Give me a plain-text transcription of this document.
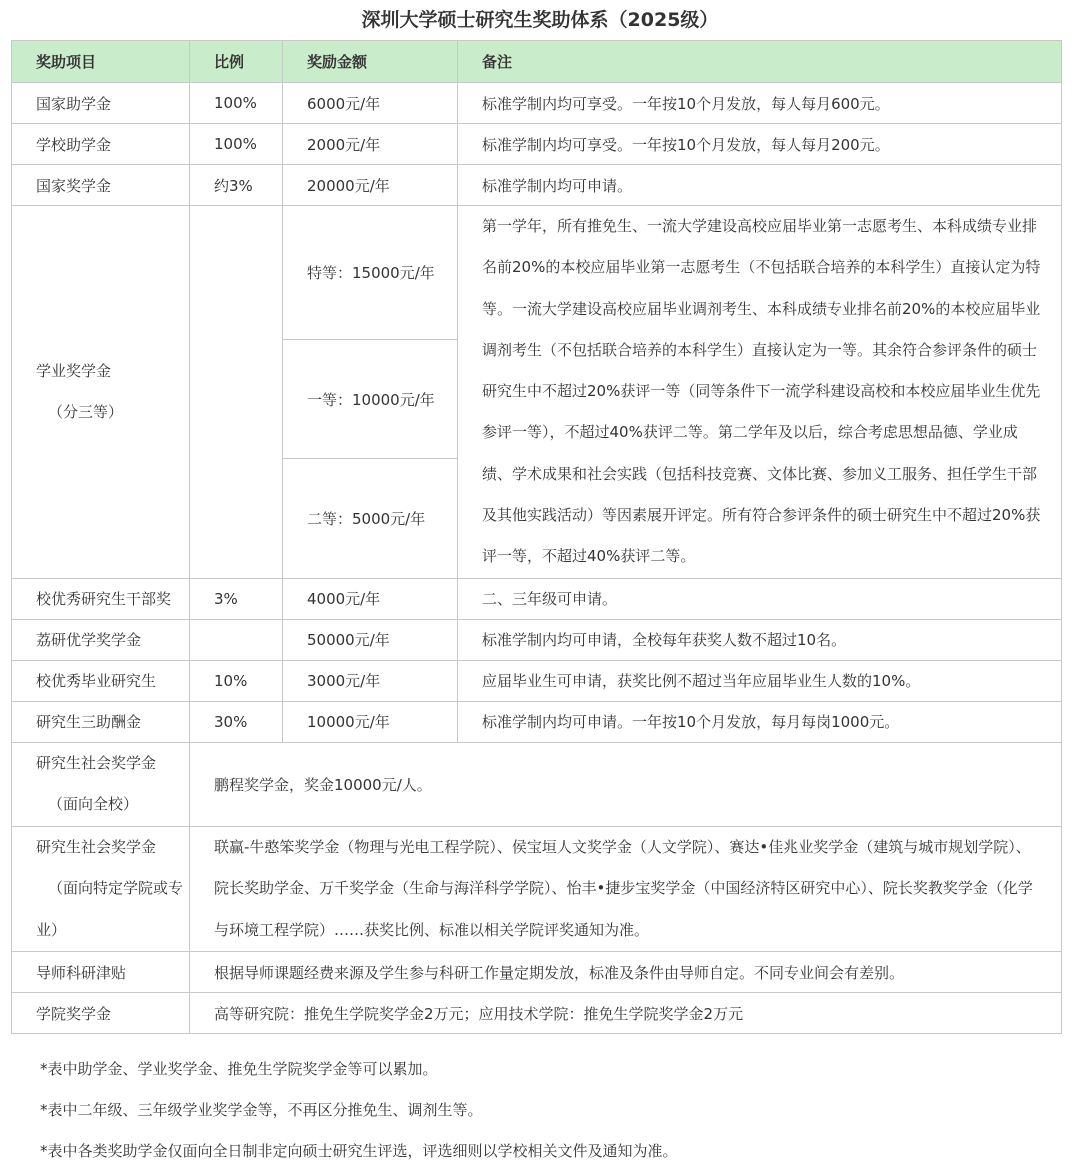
深圳大学硕士研究生奖助体系（2025级）
奖助项目	比例	奖励金额	备注
国家助学金	100%	6000元/年	标准学制内均可享受。一年按10个月发放，每人每月600元。
学校助学金	100%	2000元/年	标准学制内均可享受。一年按10个月发放，每人每月200元。
国家奖学金	约3%	20000元/年	标准学制内均可申请。

学业奖学金
（分三等）		特等：15000元/年	第一学年，所有推免生、一流大学建设高校应届毕业第一志愿考生、本科成绩专业排名前20%的本校应届毕业第一志愿考生（不包括联合培养的本科学生）直接认定为特等。一流大学建设高校应届毕业调剂考生、本科成绩专业排名前20%的本校应届毕业调剂考生（不包括联合培养的本科学生）直接认定为一等。其余符合参评条件的硕士研究生中不超过20%获评一等（同等条件下一流学科建设高校和本校应届毕业生优先参评一等），不超过40%获评二等。第二学年及以后，综合考虑思想品德、学业成绩、学术成果和社会实践（包括科技竞赛、文体比赛、参加义工服务、担任学生干部及其他实践活动）等因素展开评定。所有符合参评条件的硕士研究生中不超过20%获评一等，不超过40%获评二等。
		一等：10000元/年	
		二等：5000元/年	
校优秀研究生干部奖	3%	4000元/年	二、三年级可申请。
荔研优学奖学金		50000元/年	标准学制内均可申请，全校每年获奖人数不超过10名。
校优秀毕业研究生	10%	3000元/年	应届毕业生可申请，获奖比例不超过当年应届毕业生人数的10%。
研究生三助酬金	30%	10000元/年	标准学制内均可申请。一年按10个月发放，每月每岗1000元。

研究生社会奖学金
（面向全校）	鹏程奖学金，奖金10000元/人。		

研究生社会奖学金
（面向特定学院或专
业）	联赢-牛憨笨奖学金（物理与光电工程学院）、侯宝垣人文奖学金（人文学院）、赛达•佳兆业奖学金（建筑与城市规划学院）、院长奖助学金、万千奖学金（生命与海洋科学学院）、怡丰•捷步宝奖学金（中国经济特区研究中心）、院长奖教奖学金（化学与环境工程学院）……获奖比例、标准以相关学院评奖通知为准。		
导师科研津贴	根据导师课题经费来源及学生参与科研工作量定期发放，标准及条件由导师自定。不同专业间会有差别。		
学院奖学金	高等研究院：推免生学院奖学金2万元；应用技术学院：推免生学院奖学金2万元		
*表中助学金、学业奖学金、推免生学院奖学金等可以累加。
*表中二年级、三年级学业奖学金等，不再区分推免生、调剂生等。
*表中各类奖助学金仅面向全日制非定向硕士研究生评选，评选细则以学校相关文件及通知为准。
